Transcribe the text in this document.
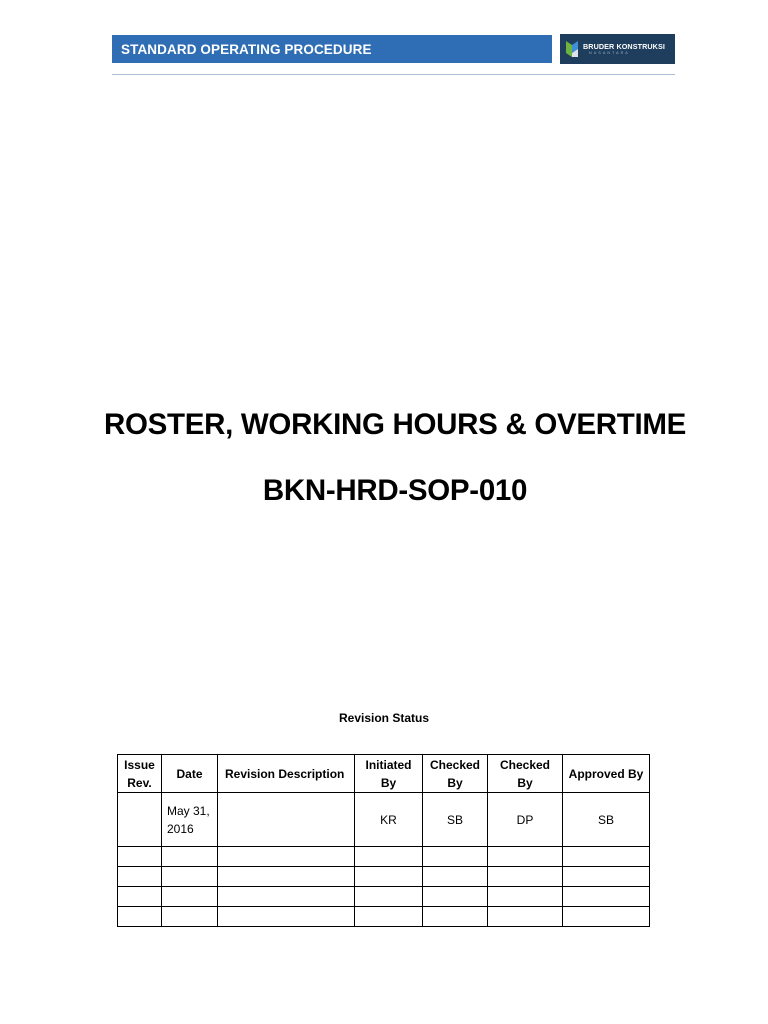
STANDARD OPERATING PROCEDURE	BRUDER KONSTRUKSI
NUSANTARA
ROSTER, WORKING HOURS & OVERTIME
BKN-HRD-SOP-010
Revision Status
Issue Rev.	Date	Revision Description	Initiated By	Checked By	Checked By	Approved By
	May 31, 2016		KR	SB	DP	SB
